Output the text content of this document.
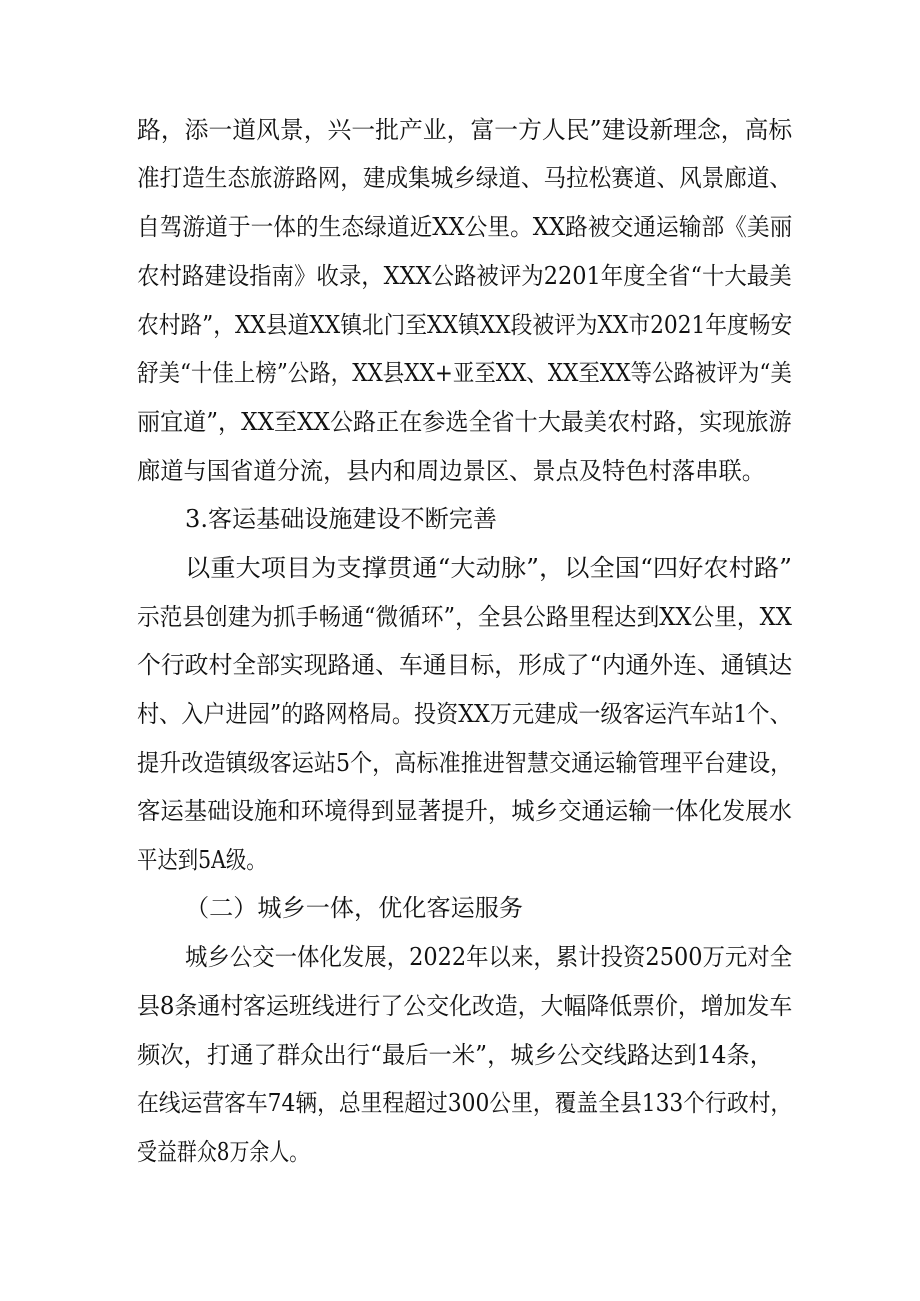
路，添一道风景，兴一批产业，富一方人民”建设新理念，高标
准打造生态旅游路网，建成集城乡绿道、马拉松赛道、风景廊道、
自驾游道于一体的生态绿道近XX公里。XX路被交通运输部《美丽
农村路建设指南》收录，XXX公路被评为2201年度全省“十大最美
农村路”，XX县道XX镇北门至XX镇XX段被评为XX市2021年度畅安
舒美“十佳上榜”公路，XX县XX+亚至XX、XX至XX等公路被评为“美
丽宜道”，XX至XX公路正在参选全省十大最美农村路，实现旅游
廊道与国省道分流，县内和周边景区、景点及特色村落串联。
3.客运基础设施建设不断完善
以重大项目为支撑贯通“大动脉”，以全国“四好农村路”
示范县创建为抓手畅通“微循环”，全县公路里程达到XX公里，XX
个行政村全部实现路通、车通目标，形成了“内通外连、通镇达
村、入户进园”的路网格局。投资XX万元建成一级客运汽车站1个、
提升改造镇级客运站5个，高标准推进智慧交通运输管理平台建设，
客运基础设施和环境得到显著提升，城乡交通运输一体化发展水
平达到5A级。
（二）城乡一体，优化客运服务
城乡公交一体化发展，2022年以来，累计投资2500万元对全
县8条通村客运班线进行了公交化改造，大幅降低票价，增加发车
频次，打通了群众出行“最后一米”，城乡公交线路达到14条，
在线运营客车74辆，总里程超过300公里，覆盖全县133个行政村，
受益群众8万余人。
